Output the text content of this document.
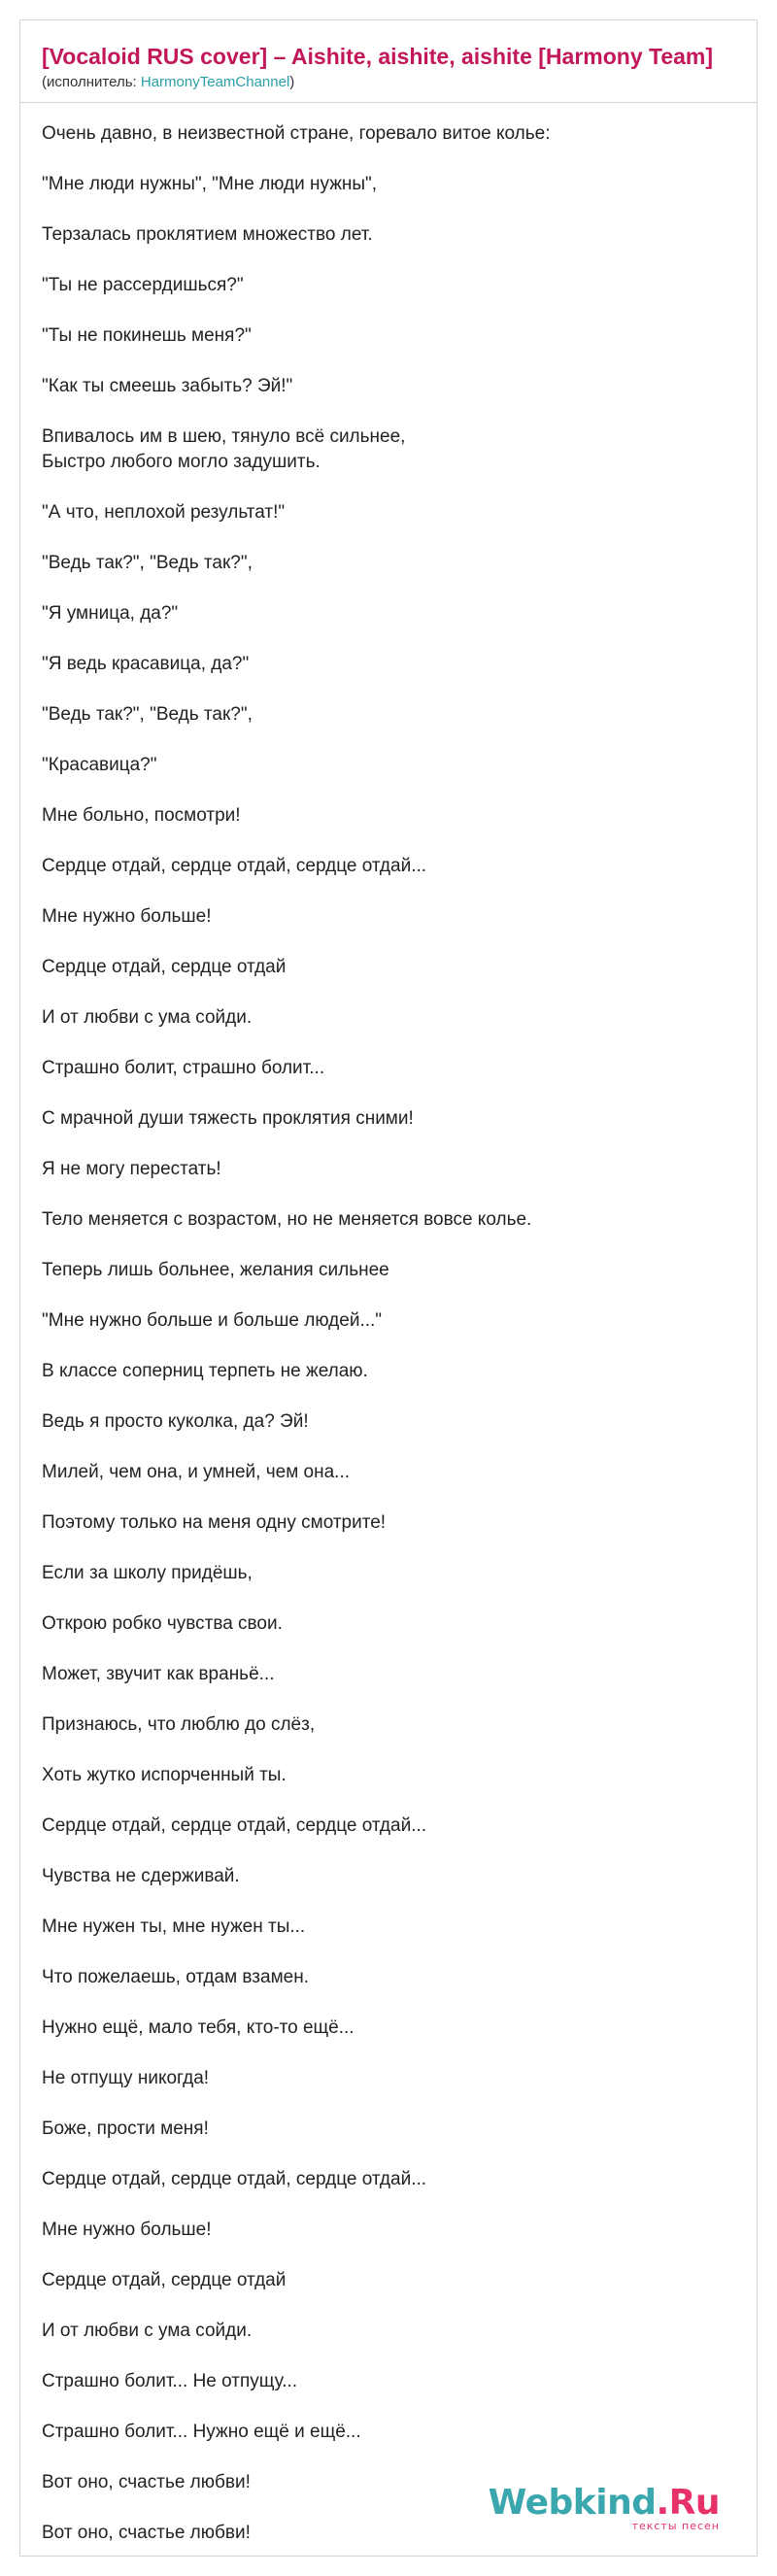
[Vocaloid RUS cover] – Aishite, aishite, aishite [Harmony Team]
(исполнитель: HarmonyTeamChannel)
Очень давно, в неизвестной стране, горевало витое колье:
"Мне люди нужны", "Мне люди нужны",
Терзалась проклятием множество лет.
"Ты не рассердишься?"
"Ты не покинешь меня?"
"Как ты смеешь забыть? Эй!"
Впивалось им в шею, тянуло всё сильнее,
Быстро любого могло задушить.
"А что, неплохой результат!"
"Ведь так?", "Ведь так?",
"Я умница, да?"
"Я ведь красавица, да?"
"Ведь так?", "Ведь так?",
"Красавица?"
Мне больно, посмотри!
Сердце отдай, сердце отдай, сердце отдай...
Мне нужно больше!
Сердце отдай, сердце отдай
И от любви с ума сойди.
Страшно болит, страшно болит...
С мрачной души тяжесть проклятия сними!
Я не могу перестать!
Тело меняется с возрастом, но не меняется вовсе колье.
Теперь лишь больнее, желания сильнее
"Мне нужно больше и больше людей..."
В классе соперниц терпеть не желаю.
Ведь я просто куколка, да? Эй!
Милей, чем она, и умней, чем она...
Поэтому только на меня одну смотрите!
Если за школу придёшь,
Открою робко чувства свои.
Может, звучит как враньё...
Признаюсь, что люблю до слёз,
Хоть жутко испорченный ты.
Сердце отдай, сердце отдай, сердце отдай...
Чувства не сдерживай.
Мне нужен ты, мне нужен ты...
Что пожелаешь, отдам взамен.
Нужно ещё, мало тебя, кто-то ещё...
Не отпущу никогда!
Боже, прости меня!
Сердце отдай, сердце отдай, сердце отдай...
Мне нужно больше!
Сердце отдай, сердце отдай
И от любви с ума сойди.
Страшно болит... Не отпущу...
Страшно болит... Нужно ещё и ещё...
Вот оно, счастье любви!
Вот оно, счастье любви!
Webkind.Ru
тексты песен
